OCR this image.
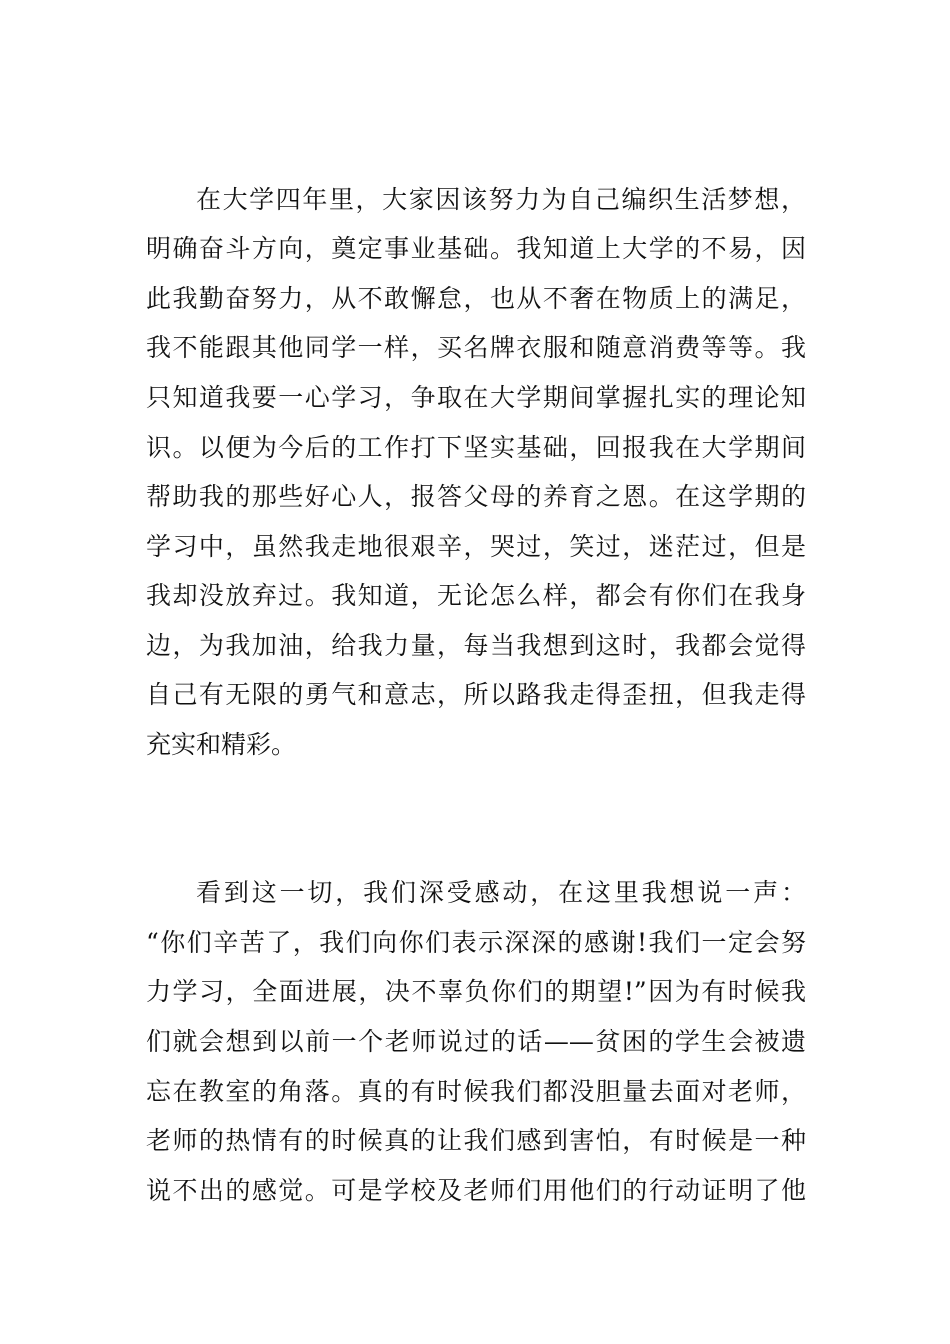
在大学四年里，大家因该努力为自己编织生活梦想，
明确奋斗方向，奠定事业基础。我知道上大学的不易，因
此我勤奋努力，从不敢懈怠，也从不奢在物质上的满足，
我不能跟其他同学一样，买名牌衣服和随意消费等等。我
只知道我要一心学习，争取在大学期间掌握扎实的理论知
识。以便为今后的工作打下坚实基础，回报我在大学期间
帮助我的那些好心人，报答父母的养育之恩。在这学期的
学习中，虽然我走地很艰辛，哭过，笑过，迷茫过，但是
我却没放弃过。我知道，无论怎么样，都会有你们在我身
边，为我加油，给我力量，每当我想到这时，我都会觉得
自己有无限的勇气和意志，所以路我走得歪扭，但我走得
充实和精彩。
看到这一切，我们深受感动，在这里我想说一声：
“你们辛苦了，我们向你们表示深深的感谢!我们一定会努
力学习，全面进展，决不辜负你们的期望!”因为有时候我
们就会想到以前一个老师说过的话——贫困的学生会被遗
忘在教室的角落。真的有时候我们都没胆量去面对老师，
老师的热情有的时候真的让我们感到害怕，有时候是一种
说不出的感觉。可是学校及老师们用他们的行动证明了他
